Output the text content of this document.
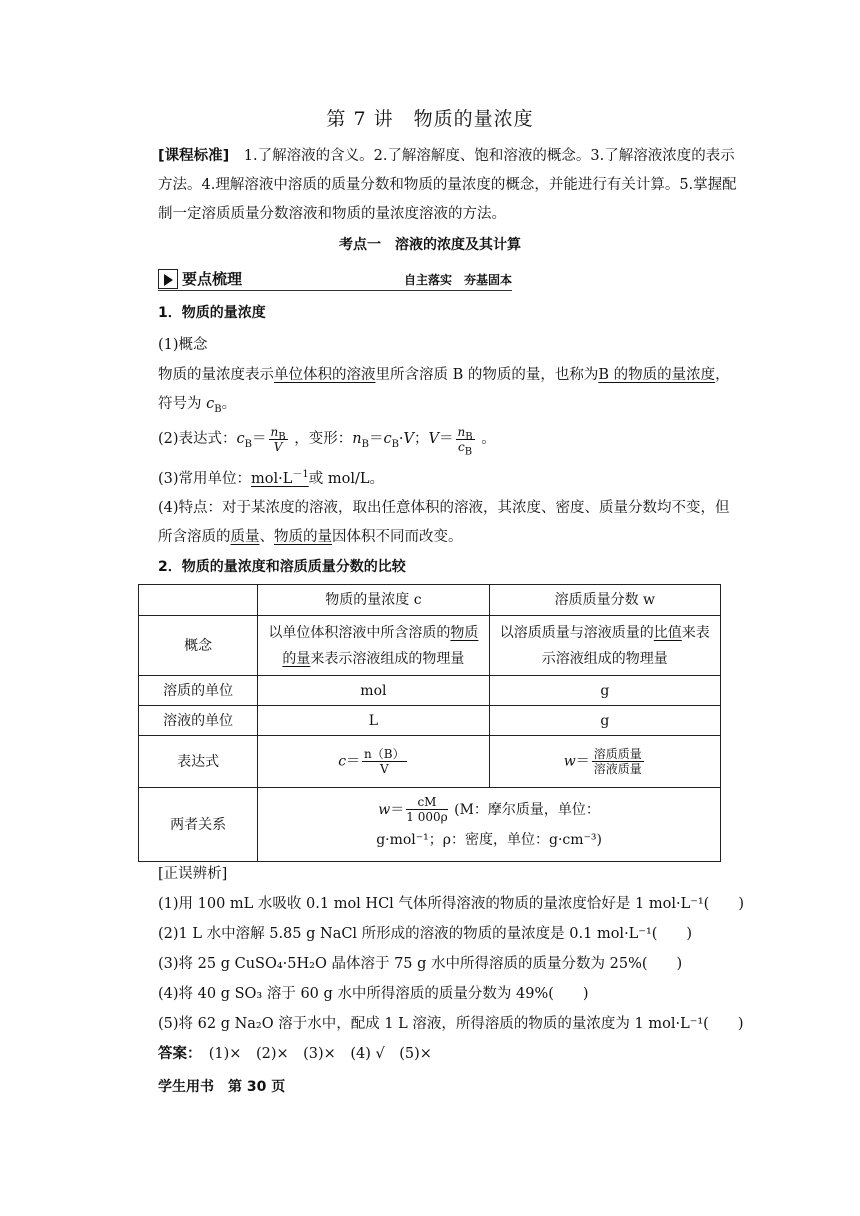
第 7 讲　物质的量浓度
[课程标准]　1.了解溶液的含义。2.了解溶解度、饱和溶液的概念。3.了解溶液浓度的表示方法。4.理解溶液中溶质的质量分数和物质的量浓度的概念，并能进行有关计算。5.掌握配制一定溶质质量分数溶液和物质的量浓度溶液的方法。
考点一　溶液的浓度及其计算
要点梳理	自主落实　夯基固本
1．物质的量浓度
(1)概念
物质的量浓度表示单位体积的溶液里所含溶质 B 的物质的量，也称为B 的物质的量浓度，符号为 $c_B$。
(2)表达式：$c_B= \frac{n_B}{V}$ ，变形：$n_B=c_B\cdot V$；$V= \frac{n_B}{c_B}$ 。
(3)常用单位：$mol\cdot L^{-1}$或 mol/L。
(4)特点：对于某浓度的溶液，取出任意体积的溶液，其浓度、密度、质量分数均不变，但所含溶质的质量、物质的量因体积不同而改变。
2．物质的量浓度和溶质质量分数的比较
	物质的量浓度 c	溶质质量分数 w
概念	以单位体积溶液中所含溶质的物质的量来表示溶液组成的物理量	以溶质质量与溶液质量的比值来表示溶液组成的物理量
溶质的单位	mol	g
溶液的单位	L	g
表达式	$c= \frac{n(B)}{V}$	$w= \frac{\text{溶质质量}}{\text{溶液质量}}$

两者关系	$w= \frac{cM}{1 000\rho} (M$：摩尔质量，单位：
g·mol⁻¹；ρ：密度，单位：g·cm⁻³)	
[正误辨析]
(1)用 100 mL 水吸收 0.1 mol HCl 气体所得溶液的物质的量浓度恰好是 1 mol·L⁻¹(　　)
(2)1 L 水中溶解 5.85 g NaCl 所形成的溶液的物质的量浓度是 0.1 mol·L⁻¹(　　)
(3)将 25 g CuSO₄·5H₂O 晶体溶于 75 g 水中所得溶质的质量分数为 25%(　　)
(4)将 40 g SO₃ 溶于 60 g 水中所得溶质的质量分数为 49%(　　)
(5)将 62 g Na₂O 溶于水中，配成 1 L 溶液，所得溶质的物质的量浓度为 1 mol·L⁻¹(　　)
答案：　(1)×　(2)×　(3)×　(4) √　(5)×
学生用书　第 30 页
